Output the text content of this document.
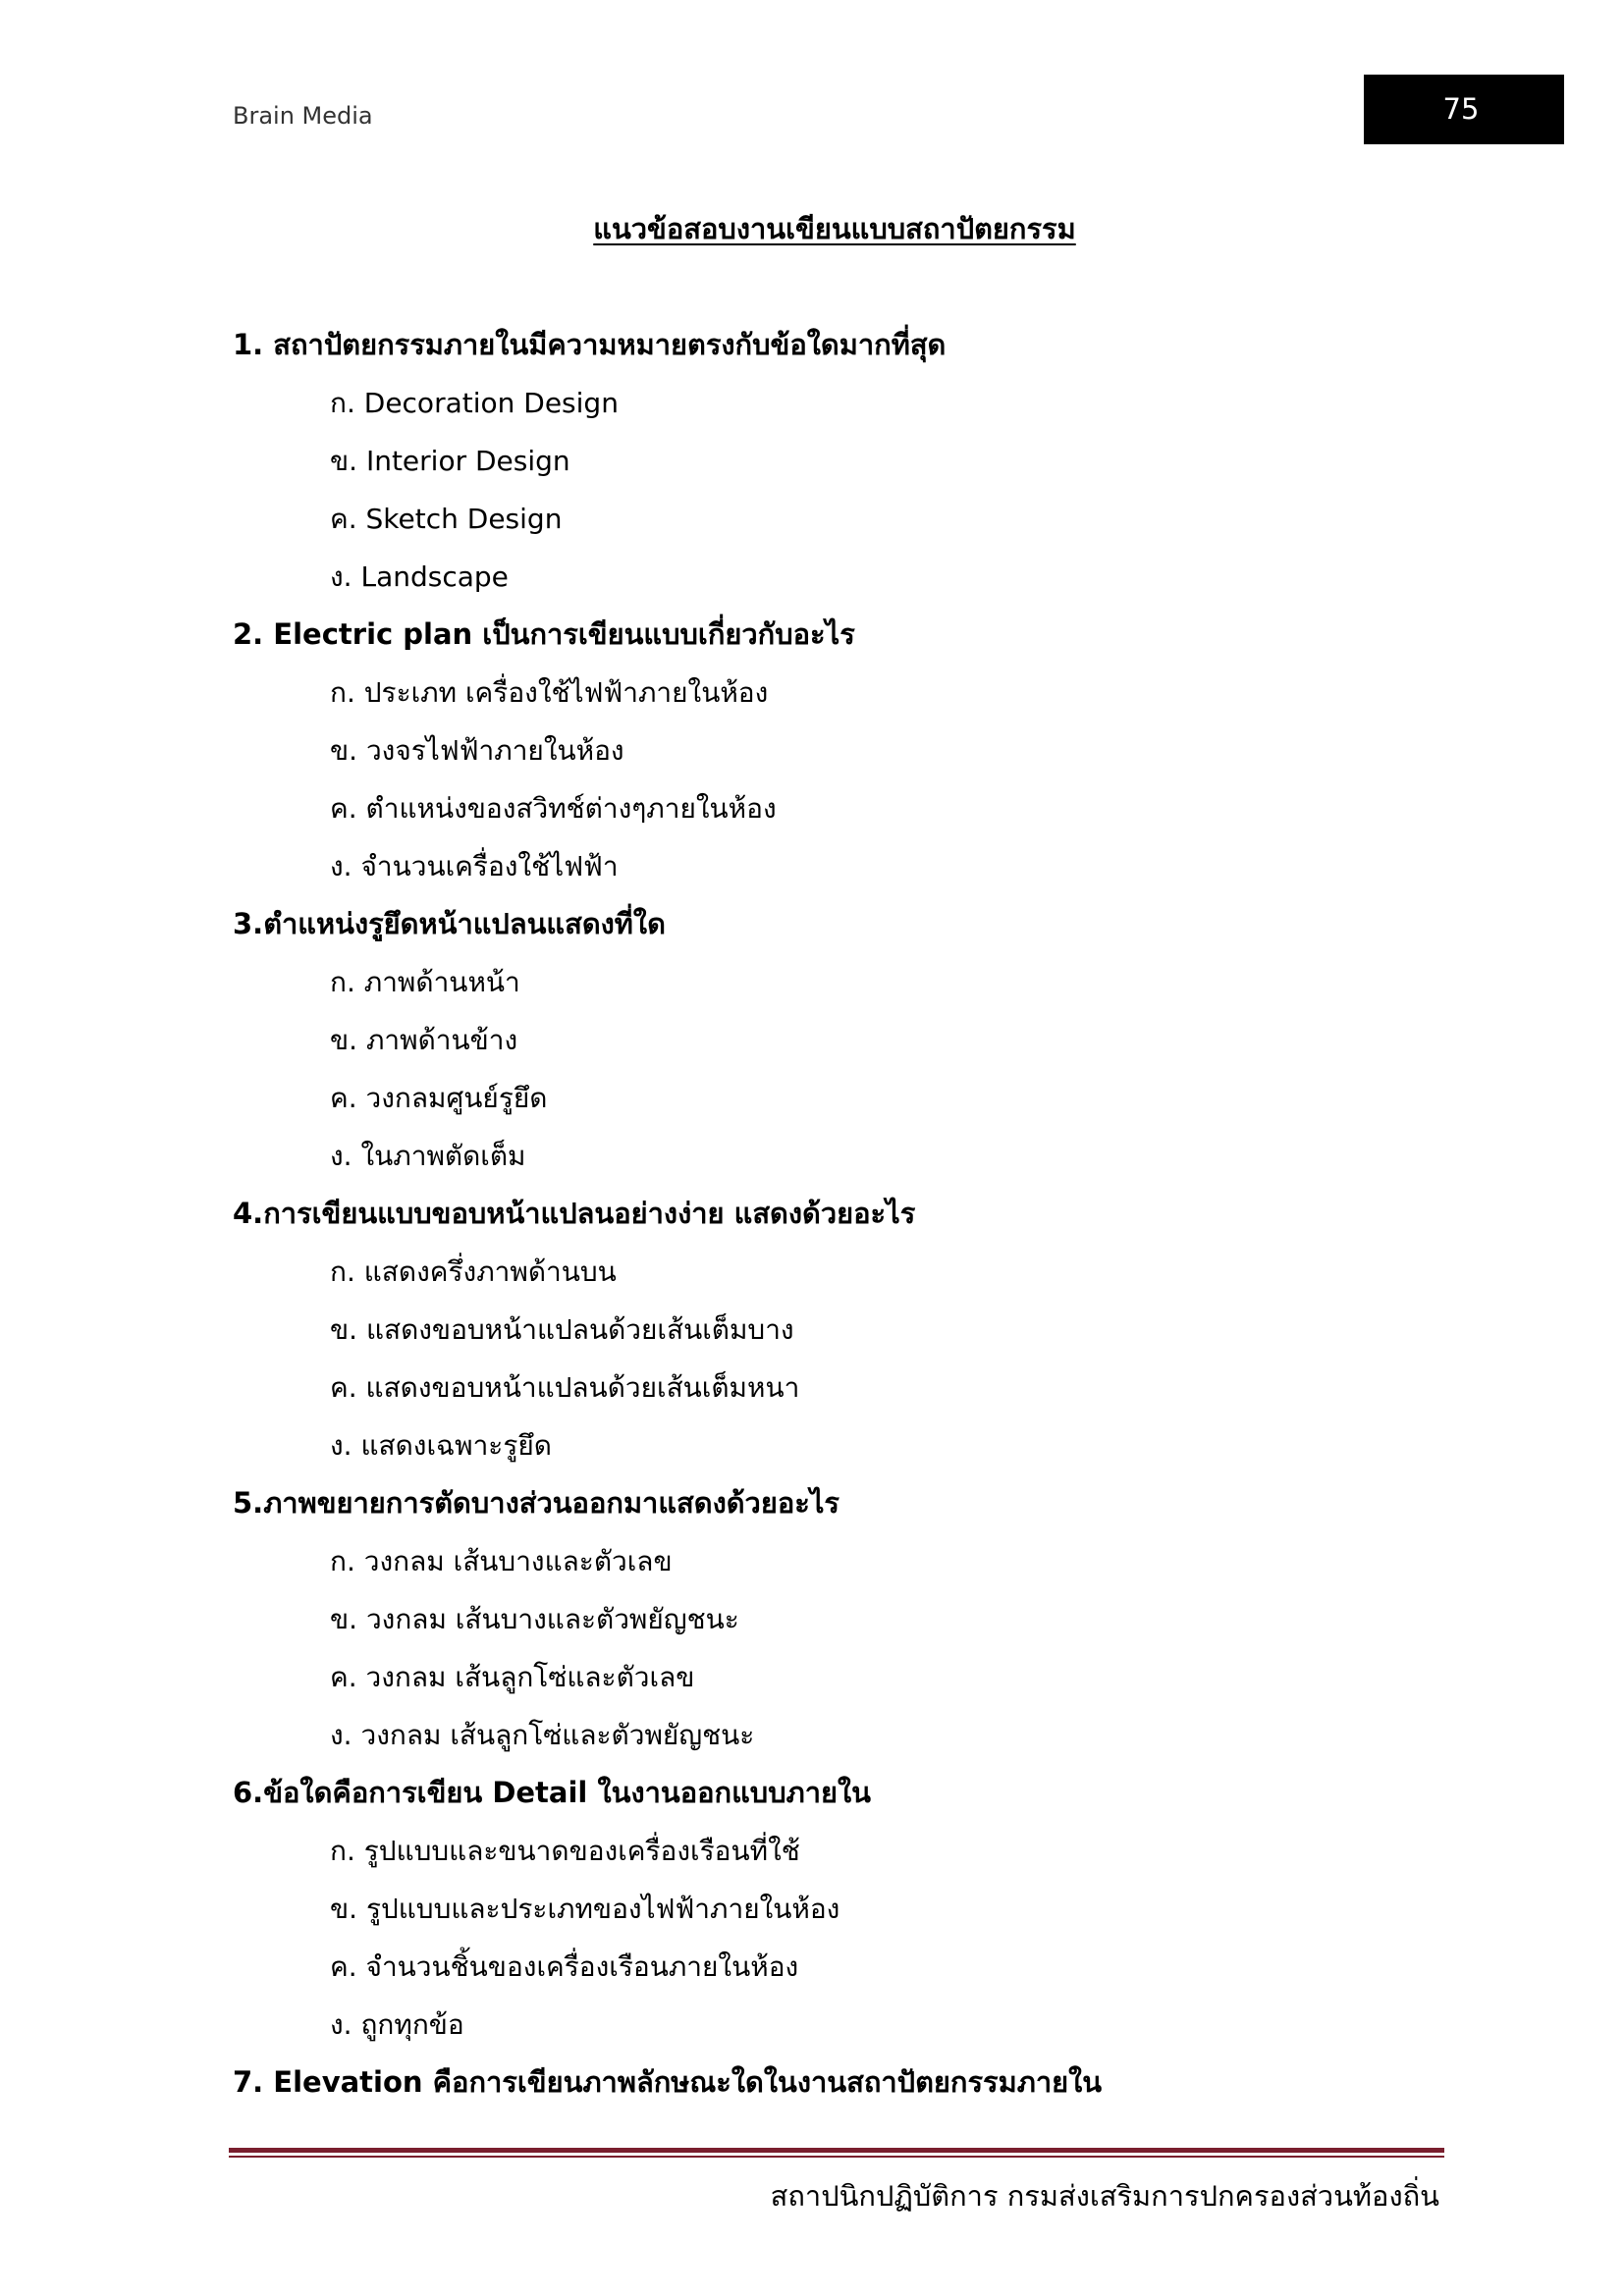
Brain Media	75
แนวข้อสอบงานเขียนแบบสถาปัตยกรรม
1. สถาปัตยกรรมภายในมีความหมายตรงกับข้อใดมากที่สุด
ก. Decoration Design
ข. Interior Design
ค. Sketch Design
ง. Landscape
2. Electric plan เป็นการเขียนแบบเกี่ยวกับอะไร
ก. ประเภท เครื่องใช้ไฟฟ้าภายในห้อง
ข. วงจรไฟฟ้าภายในห้อง
ค. ตำแหน่งของสวิทช์ต่างๆภายในห้อง
ง. จำนวนเครื่องใช้ไฟฟ้า
3.ตำแหน่งรูยึดหน้าแปลนแสดงที่ใด
ก. ภาพด้านหน้า
ข. ภาพด้านข้าง
ค. วงกลมศูนย์รูยึด
ง. ในภาพตัดเต็ม
4.การเขียนแบบขอบหน้าแปลนอย่างง่าย แสดงด้วยอะไร
ก. แสดงครึ่งภาพด้านบน
ข. แสดงขอบหน้าแปลนด้วยเส้นเต็มบาง
ค. แสดงขอบหน้าแปลนด้วยเส้นเต็มหนา
ง. แสดงเฉพาะรูยึด
5.ภาพขยายการตัดบางส่วนออกมาแสดงด้วยอะไร
ก. วงกลม เส้นบางและตัวเลข
ข. วงกลม เส้นบางและตัวพยัญชนะ
ค. วงกลม เส้นลูกโซ่และตัวเลข
ง. วงกลม เส้นลูกโซ่และตัวพยัญชนะ
6.ข้อใดคือการเขียน Detail ในงานออกแบบภายใน
ก. รูปแบบและขนาดของเครื่องเรือนที่ใช้
ข. รูปแบบและประเภทของไฟฟ้าภายในห้อง
ค. จำนวนชิ้นของเครื่องเรือนภายในห้อง
ง. ถูกทุกข้อ
7. Elevation คือการเขียนภาพลักษณะใดในงานสถาปัตยกรรมภายใน
สถาปนิกปฏิบัติการ กรมส่งเสริมการปกครองส่วนท้องถิ่น
